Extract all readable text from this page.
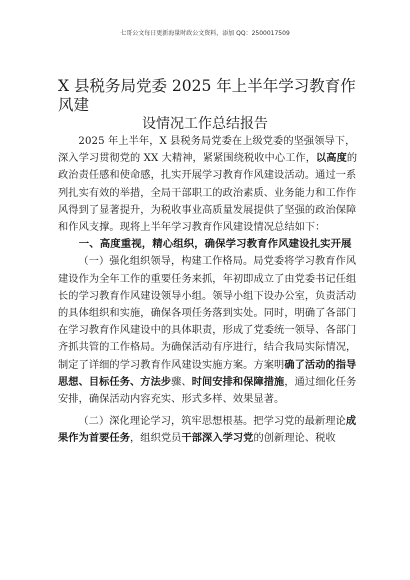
七哥公文每日更新海量时政公文资料，添加 QQ：2500017509
X 县税务局党委 2025 年上半年学习教育作风建
设情况工作总结报告

2025 年上半年，X 县税务局党委在上级党委的坚强领导下，深入学习贯彻党的 XX 大精神，紧紧围绕税收中心工作，以高度的政治责任感和使命感，扎实开展学习教育作风建设活动。通过一系列扎实有效的举措，全局干部职工的政治素质、业务能力和工作作风得到了显著提升，为税收事业高质量发展提供了坚强的政治保障和作风支撑。现将上半年学习教育作风建设情况总结如下：

一、高度重视，精心组织，确保学习教育作风建设扎实开展

（一）强化组织领导，构建工作格局。局党委将学习教育作风建设作为全年工作的重要任务来抓，年初即成立了由党委书记任组长的学习教育作风建设领导小组。领导小组下设办公室，负责活动的具体组织和实施，确保各项任务落到实处。同时，明确了各部门在学习教育作风建设中的具体职责，形成了党委统一领导、各部门齐抓共管的工作格局。为确保活动有序进行，结合我局实际情况，制定了详细的学习教育作风建设实施方案。方案明确了活动的指导思想、目标任务、方法步骤、时间安排和保障措施，通过细化任务安排，确保活动内容充实、形式多样、效果显著。

（二）深化理论学习，筑牢思想根基。把学习党的最新理论成果作为首要任务，组织党员干部深入学习党的创新理论、税收
